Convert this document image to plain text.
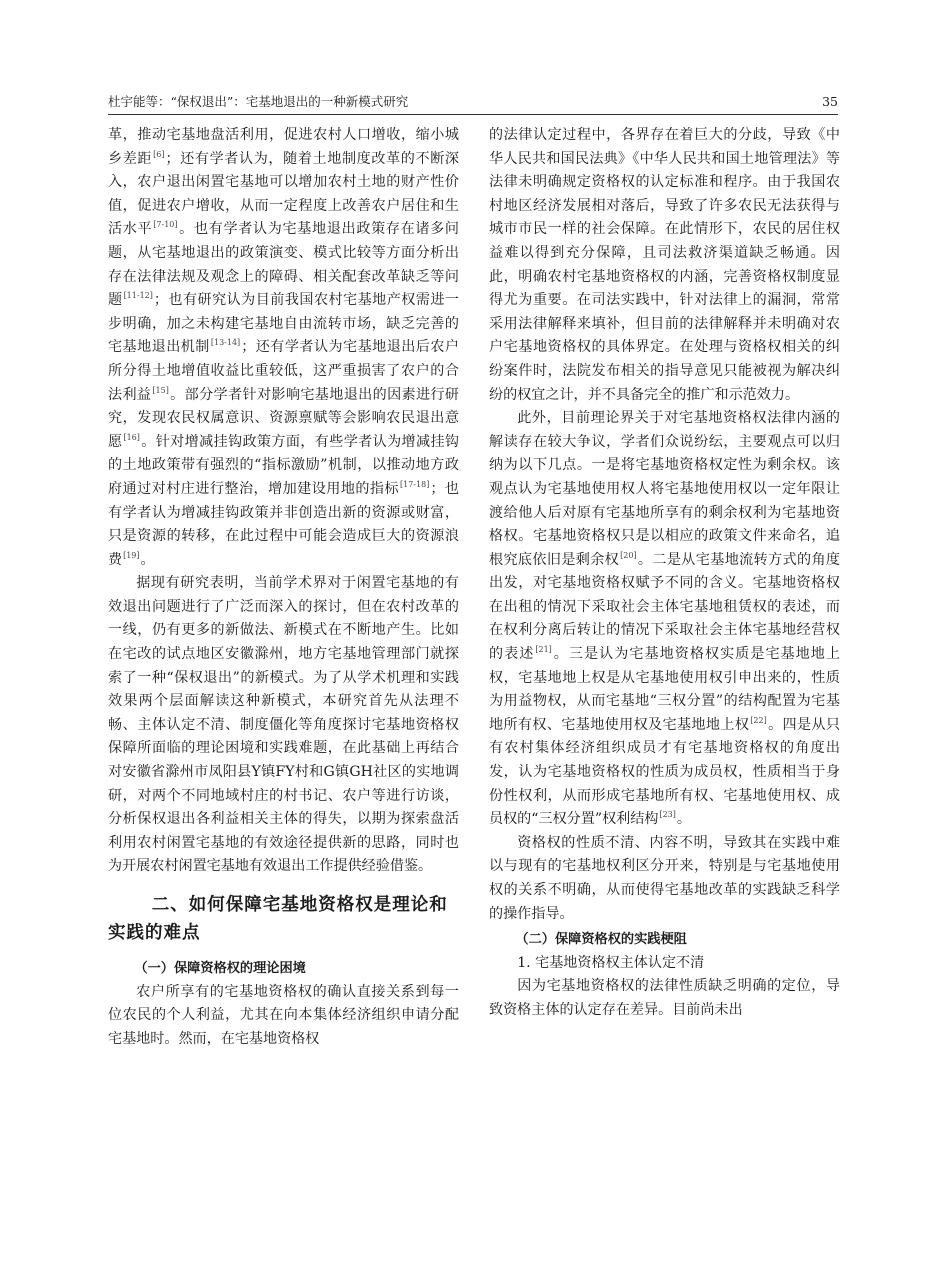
杜宇能等：“保权退出”：宅基地退出的一种新模式研究	35

革，推动宅基地盘活利用，促进农村人口增收，缩小城乡差距[6]；还有学者认为，随着土地制度改革的不断深入，农户退出闲置宅基地可以增加农村土地的财产性价值，促进农户增收，从而一定程度上改善农户居住和生活水平[7-10]。也有学者认为宅基地退出政策存在诸多问题，从宅基地退出的政策演变、模式比较等方面分析出存在法律法规及观念上的障碍、相关配套改革缺乏等问题[11-12]；也有研究认为目前我国农村宅基地产权需进一步明确，加之未构建宅基地自由流转市场，缺乏完善的宅基地退出机制[13-14]；还有学者认为宅基地退出后农户所分得土地增值收益比重较低，这严重损害了农户的合法利益[15]。部分学者针对影响宅基地退出的因素进行研究，发现农民权属意识、资源禀赋等会影响农民退出意愿[16]。针对增减挂钩政策方面，有些学者认为增减挂钩的土地政策带有强烈的“指标激励”机制，以推动地方政府通过对村庄进行整治，增加建设用地的指标[17-18]；也有学者认为增减挂钩政策并非创造出新的资源或财富，只是资源的转移，在此过程中可能会造成巨大的资源浪费[19]。

据现有研究表明，当前学术界对于闲置宅基地的有效退出问题进行了广泛而深入的探讨，但在农村改革的一线，仍有更多的新做法、新模式在不断地产生。比如在宅改的试点地区安徽滁州，地方宅基地管理部门就探索了一种“保权退出”的新模式。为了从学术机理和实践效果两个层面解读这种新模式，本研究首先从法理不畅、主体认定不清、制度僵化等角度探讨宅基地资格权保障所面临的理论困境和实践难题，在此基础上再结合对安徽省滁州市凤阳县Y镇FY村和G镇GH社区的实地调研，对两个不同地域村庄的村书记、农户等进行访谈，分析保权退出各利益相关主体的得失，以期为探索盘活利用农村闲置宅基地的有效途径提供新的思路，同时也为开展农村闲置宅基地有效退出工作提供经验借鉴。

二、如何保障宅基地资格权是理论和实践的难点
（一）保障资格权的理论困境

农户所享有的宅基地资格权的确认直接关系到每一位农民的个人利益，尤其在向本集体经济组织申请分配宅基地时。然而，在宅基地资格权

的法律认定过程中，各界存在着巨大的分歧，导致《中华人民共和国民法典》《中华人民共和国土地管理法》等法律未明确规定资格权的认定标准和程序。由于我国农村地区经济发展相对落后，导致了许多农民无法获得与城市市民一样的社会保障。在此情形下，农民的居住权益难以得到充分保障，且司法救济渠道缺乏畅通。因此，明确农村宅基地资格权的内涵，完善资格权制度显得尤为重要。在司法实践中，针对法律上的漏洞，常常采用法律解释来填补，但目前的法律解释并未明确对农户宅基地资格权的具体界定。在处理与资格权相关的纠纷案件时，法院发布相关的指导意见只能被视为解决纠纷的权宜之计，并不具备完全的推广和示范效力。

此外，目前理论界关于对宅基地资格权法律内涵的解读存在较大争议，学者们众说纷纭，主要观点可以归纳为以下几点。一是将宅基地资格权定性为剩余权。该观点认为宅基地使用权人将宅基地使用权以一定年限让渡给他人后对原有宅基地所享有的剩余权利为宅基地资格权。宅基地资格权只是以相应的政策文件来命名，追根究底依旧是剩余权[20]。二是从宅基地流转方式的角度出发，对宅基地资格权赋予不同的含义。宅基地资格权在出租的情况下采取社会主体宅基地租赁权的表述，而在权利分离后转让的情况下采取社会主体宅基地经营权的表述[21]。三是认为宅基地资格权实质是宅基地地上权，宅基地地上权是从宅基地使用权引申出来的，性质为用益物权，从而宅基地“三权分置”的结构配置为宅基地所有权、宅基地使用权及宅基地地上权[22]。四是从只有农村集体经济组织成员才有宅基地资格权的角度出发，认为宅基地资格权的性质为成员权，性质相当于身份性权利，从而形成宅基地所有权、宅基地使用权、成员权的“三权分置”权利结构[23]。

资格权的性质不清、内容不明，导致其在实践中难以与现有的宅基地权利区分开来，特别是与宅基地使用权的关系不明确，从而使得宅基地改革的实践缺乏科学的操作指导。

（二）保障资格权的实践梗阻

1. 宅基地资格权主体认定不清

因为宅基地资格权的法律性质缺乏明确的定位，导致资格主体的认定存在差异。目前尚未出
